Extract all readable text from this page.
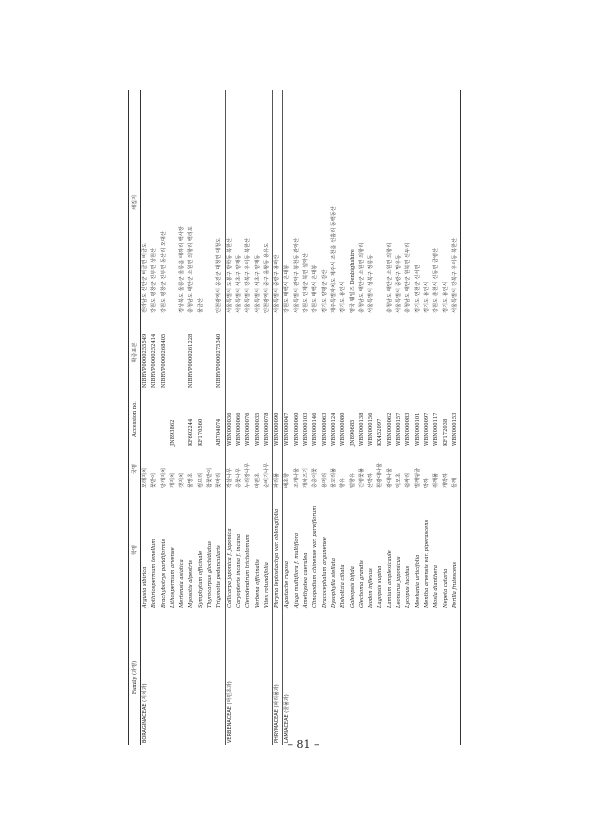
Family (과명)	학명	국명	Accession no.	확증표본	채집지
BORAGINACEAE (지치과)	Argusia sibirica	모래지치		NIBRVP0000255549	전라남도 신안군 비금면 비금도
	Bothriospermum tenellum	꽃받이		NIBRVP0000252414	강원도 평창군 진부면 상원산
	Brachybotrys paridiformis	당개지치		NIBRVP0000268405	강원도 평창군 진부면 동산리 오대산
	Lithospermum arvense	개지치	JN893862		
	Mertensia asiatica	갯지치			경상북도 울릉군 울릉읍 태하리 백사장
	Myosotis alpestris	물망초	KF602244	NIBRVP0000261228	충청남도 태안군 소원면 의항리 백리포
	Symphytum officinale	컴프리	KF170560		물금산
	Thyrocarpus glochidiatus	참꽃받이			
	Trigonotis peduncularis	꽃마리	AB704074	NIBRVP0000275340	인천광역시 옹진군 대청면 대청도
VERBENACEAE (마편초과)	Callicarpa japonica f. japonica	작살나무	WBN000036		서울특별시 도봉구 방학동 북한산
	Caryopteris incana f. incana	층꽃나무	WBN000066		서울특별시 서초구 양재동
	Clerodendrum trichotomum	누리장나무	WBN000076		서울특별시 강북구 우이동 북한산
	Verbena officinalis	마편초	WBN000035		서울특별시 서초구 양재동
	Vitex rotundifolia	순비기나무	WBN000078		인천광역시 중구 을왕동 용유도
PHRYMACEAE (파리풀과)	Phryma leptostachya var. oblongifolia	파리풀	WBN000090		서울특별시 중랑구 용마산
LAMIACEAE (꿀풀과)	Agastache rugosa	배초향	WBN000047		강원도 태백시 은대봉
	Ajuga multiflora f. multiflora	조개나물	WBN000060		서울특별시 관악구 봉천동 관악산
	Amethystea caerulea	개차즈기	WBN000103		강원도 인제군 북면 설악산
	Clinopodium chinense var. parviflorum	층층이꽃	WBN000146		강원도 태백시 은대봉
	Dracocephalum argunense	용머리	WBN000063		경기도 양평군 감산
	Dysophylla stellata	물꼬리풀	WBN000124		제주특별자치도 제주시 조천읍 선흘리 동백동산
	Elsholtzia ciliata	향유	WBN000080		경기도 용인시
	Galeopsis bifida	털향유	JN890685		영국 웨일즈 Denbighshire
	Glechoma grandis	긴병꽃풀	WBN000138		충청남도 태안군 소원면 의항리
	Isodon inflexus	산박하	WBN000156		서울특별시 성북구 정릉동
	Lagopsis supina	흰광대나물	KX452097		
	Lamium amplexicaule	광대나물	WBN000062		충청남도 태안군 소원면 의항리
	Leonurus japonicus	익모초	WBN000157		서울특별시 중랑구 망우동
	Lycopus lucidus	쉽싸리	WBN000083		충청남도 태안군 원북면 신두리
	Meehania urticifolia	벌깨덩굴	WBN000101		경기도 연천군 신서면
	Mentha arvensis var. piperascens	박하	WBN000097		경기도 용인시
	Mosla dianthera	쥐깨풀	WBN000117		강원도 춘천시 신동면 금병산
	Nepeta cataria	개박하	KF172038		경기도 용인시
	Perilla frutescens	들깨	WBN000153		서울특별시 강북구 우이동 북한산
– 81 –
